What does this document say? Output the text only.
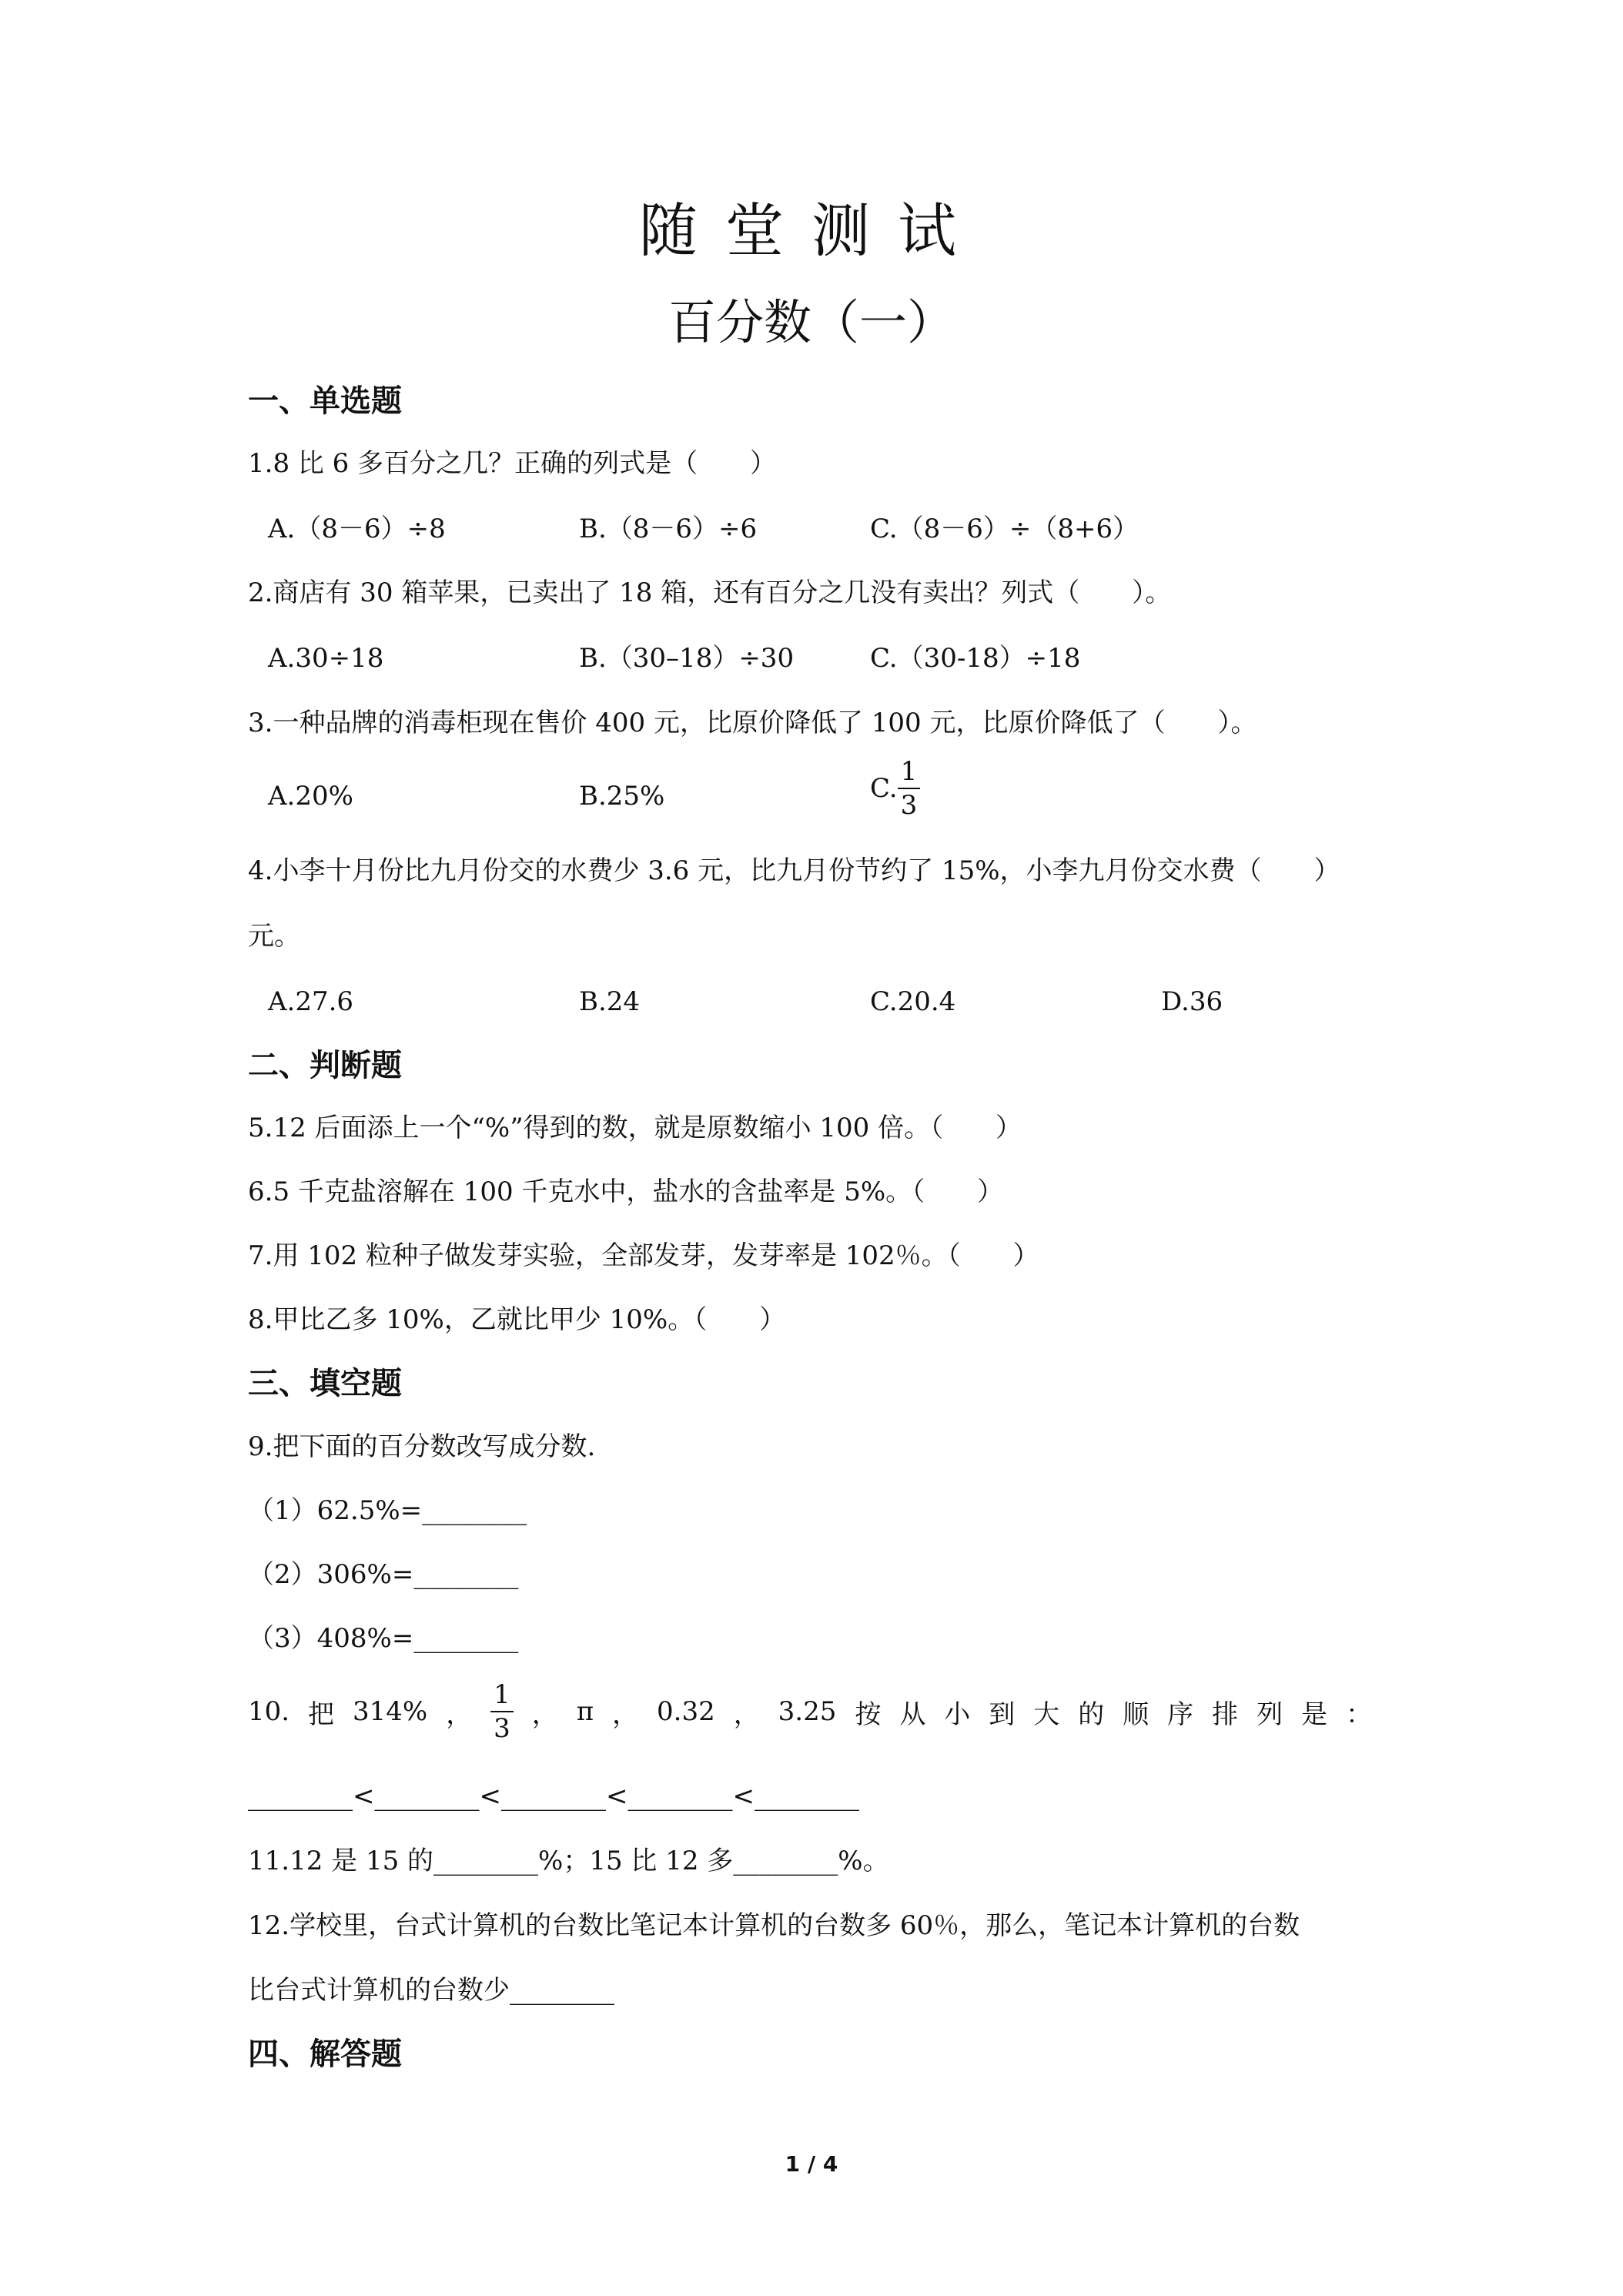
随堂测试
百分数（一）
一、单选题
1.8 比 6 多百分之几？正确的列式是（　　）
A.（8－6）÷8	B.（8－6）÷6	C.（8－6）÷（8+6）
2.商店有 30 箱苹果，已卖出了 18 箱，还有百分之几没有卖出？列式（　　）。
A.30÷18	B.（30–18）÷30	C.（30-18）÷18
3.一种品牌的消毒柜现在售价 400 元，比原价降低了 100 元，比原价降低了（　　）。
A.20%	B.25%	C. $\frac{1}{3}$
4.小李十月份比九月份交的水费少 3.6 元，比九月份节约了 15%，小李九月份交水费（　　）
元。
A.27.6	B.24	C.20.4	D.36
二、判断题
5.12 后面添上一个“%”得到的数，就是原数缩小 100 倍。（　　）
6.5 千克盐溶解在 100 千克水中，盐水的含盐率是 5%。（　　）
7.用 102 粒种子做发芽实验，全部发芽，发芽率是 102％。（　　）
8.甲比乙多 10%，乙就比甲少 10%。（　　）
三、填空题
9.把下面的百分数改写成分数.
（1）62.5%=________
（2）306%=________
（3）408%=________
10. 把 314% ， $\frac{1}{3}$ ， π ， 0.32 ， 3.25 按 从 小 到 大 的 顺 序 排 列 是 ：
________<________<________<________<________
11.12 是 15 的________%；15 比 12 多________%。
12.学校里，台式计算机的台数比笔记本计算机的台数多 60％，那么，笔记本计算机的台数
比台式计算机的台数少________
四、解答题
1 / 4
